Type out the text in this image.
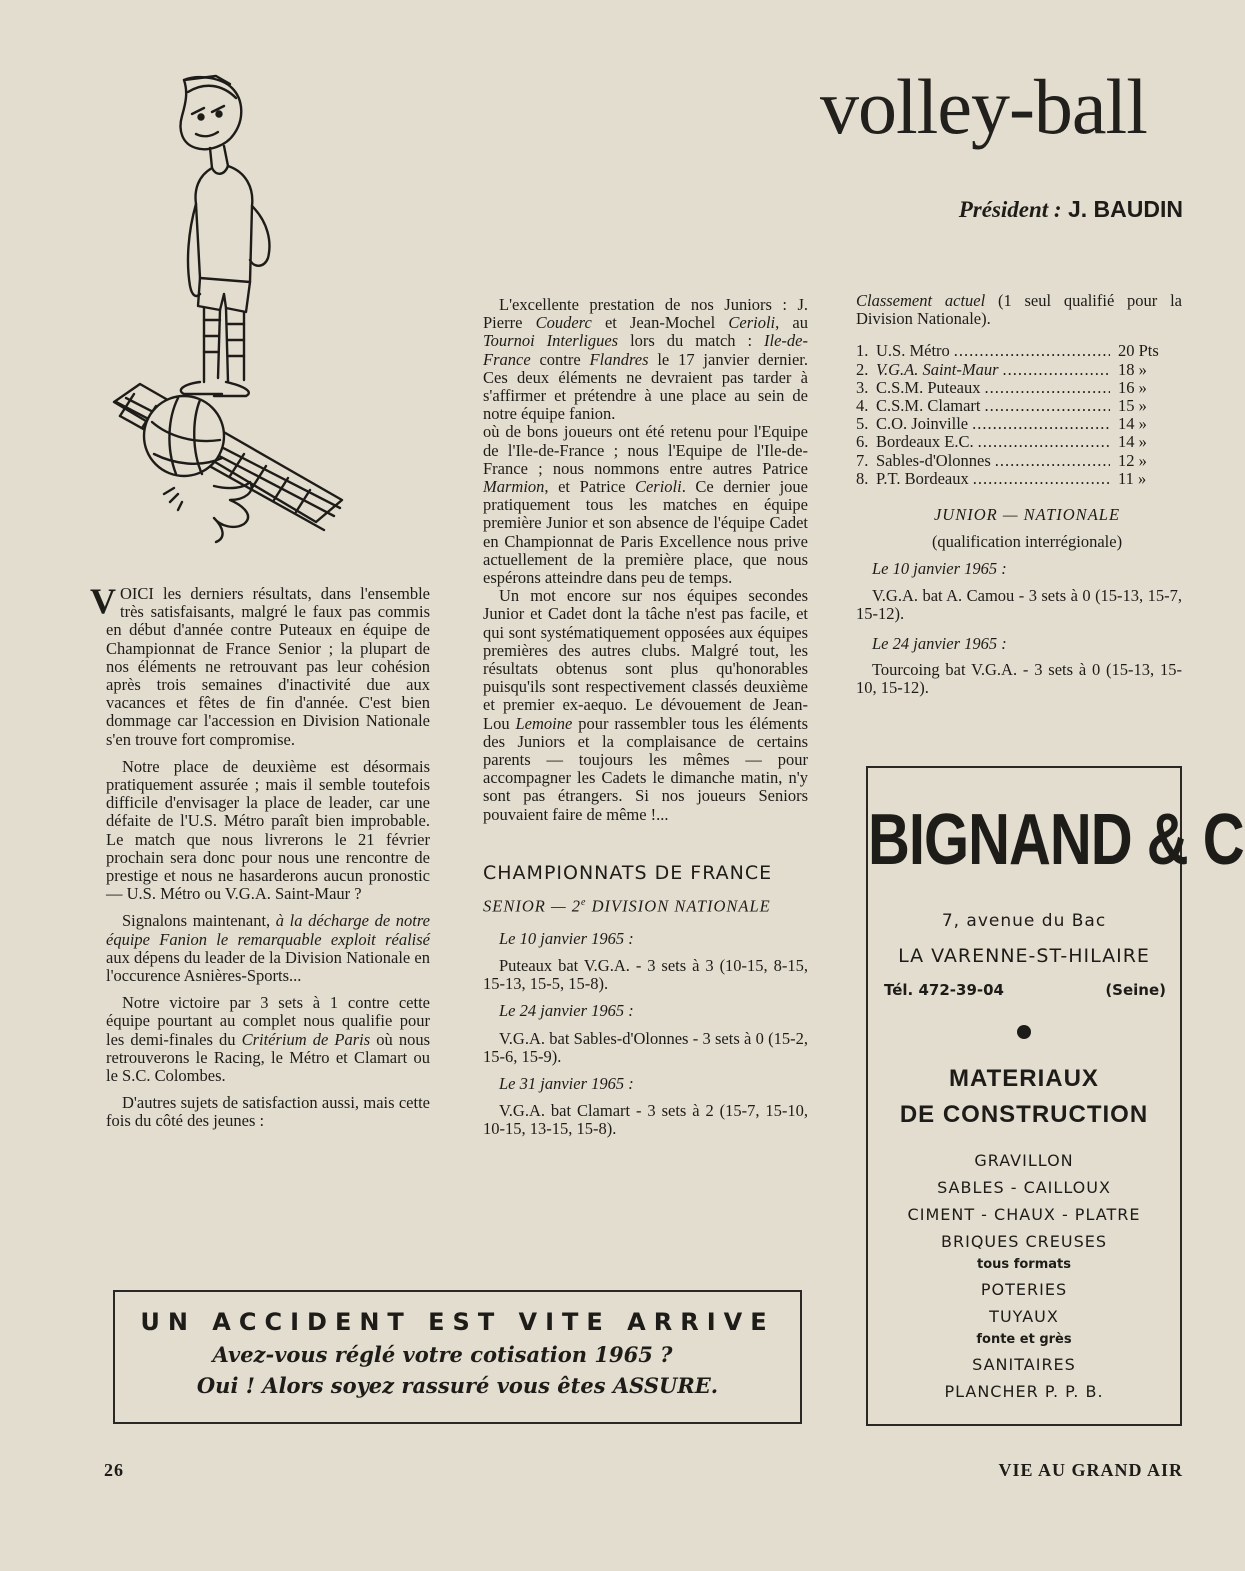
volley-ball
Président : J. BAUDIN

VOICI les derniers résultats, dans l'ensemble très satisfaisants, malgré le faux pas commis en début d'année contre Puteaux en équipe de Championnat de France Senior ; la plupart de nos éléments ne retrouvant pas leur cohésion après trois semaines d'inactivité due aux vacances et fêtes de fin d'année. C'est bien dommage car l'accession en Division Nationale s'en trouve fort compromise.

Notre place de deuxième est désormais pratiquement assurée ; mais il semble toutefois difficile d'envisager la place de leader, car une défaite de l'U.S. Métro paraît bien improbable. Le match que nous livrerons le 21 février prochain sera donc pour nous une rencontre de prestige et nous ne hasarderons aucun pronostic — U.S. Métro ou V.G.A. Saint-Maur ?

Signalons maintenant, à la décharge de notre équipe Fanion le remarquable exploit réalisé aux dépens du leader de la Division Nationale en l'occurence Asnières-Sports...

Notre victoire par 3 sets à 1 contre cette équipe pourtant au complet nous qualifie pour les demi-finales du Critérium de Paris où nous retrouverons le Racing, le Métro et Clamart ou le S.C. Colombes.

D'autres sujets de satisfaction aussi, mais cette fois du côté des jeunes :

L'excellente prestation de nos Juniors : J. Pierre Couderc et Jean-Mochel Cerioli, au Tournoi Interligues lors du match : Ile-de-France contre Flandres le 17 janvier dernier. Ces deux éléments ne devraient pas tarder à s'affirmer et prétendre à une place au sein de notre équipe fanion.

où de bons joueurs ont été retenu pour l'Equipe de l'Ile-de-France ; nous l'Equipe de l'Ile-de-France ; nous nommons entre autres Patrice Marmion, et Patrice Cerioli. Ce dernier joue pratiquement tous les matches en équipe première Junior et son absence de l'équipe Cadet en Championnat de Paris Excellence nous prive actuellement de la première place, que nous espérons atteindre dans peu de temps.

Un mot encore sur nos équipes secondes Junior et Cadet dont la tâche n'est pas facile, et qui sont systématiquement opposées aux équipes premières des autres clubs. Malgré tout, les résultats obtenus sont plus qu'honorables puisqu'ils sont respectivement classés deuxième et premier ex-aequo. Le dévouement de Jean-Lou Lemoine pour rassembler tous les éléments des Juniors et la complaisance de certains parents — toujours les mêmes — pour accompagner les Cadets le dimanche matin, n'y sont pas étrangers. Si nos joueurs Seniors pouvaient faire de même !...

CHAMPIONNATS DE FRANCE
SENIOR — 2e DIVISION NATIONALE

Le 10 janvier 1965 :

Puteaux bat V.G.A. - 3 sets à 3 (10-15, 8-15, 15-13, 15-5, 15-8).

Le 24 janvier 1965 :

V.G.A. bat Sables-d'Olonnes - 3 sets à 0 (15-2, 15-6, 15-9).

Le 31 janvier 1965 :

V.G.A. bat Clamart - 3 sets à 2 (15-7, 15-10, 10-15, 13-15, 15-8).

Classement actuel (1 seul qualifié pour la Division Nationale).

1. U.S. Métro .....	20 Pts
2. V.G.A. Saint-Maur .....	18 »
3. C.S.M. Puteaux .....	16 »
4. C.S.M. Clamart .....	15 »
5. C.O. Joinville .....	14 »
6. Bordeaux E.C. .....	14 »
7. Sables-d'Olonnes .....	12 »
8. P.T. Bordeaux .....	11 »

JUNIOR — NATIONALE

(qualification interrégionale)

Le 10 janvier 1965 :

V.G.A. bat A. Camou - 3 sets à 0 (15-13, 15-7, 15-12).

Le 24 janvier 1965 :

Tourcoing bat V.G.A. - 3 sets à 0 (15-13, 15-10, 15-12).

BIGNAND & C
7, avenue du Bac
LA VARENNE-ST-HILAIRE
Tél. 472-39-04	(Seine)
MATERIAUX
DE CONSTRUCTION
GRAVILLON
SABLES - CAILLOUX
CIMENT - CHAUX - PLATRE
BRIQUES CREUSES
tous formats
POTERIES
TUYAUX
fonte et grès
SANITAIRES
PLANCHER P. P. B.
UN ACCIDENT EST VITE ARRIVE
Avez-vous réglé votre cotisation 1965 ?
Oui ! Alors soyez rassuré vous êtes ASSURE.
26	VIE AU GRAND AIR
